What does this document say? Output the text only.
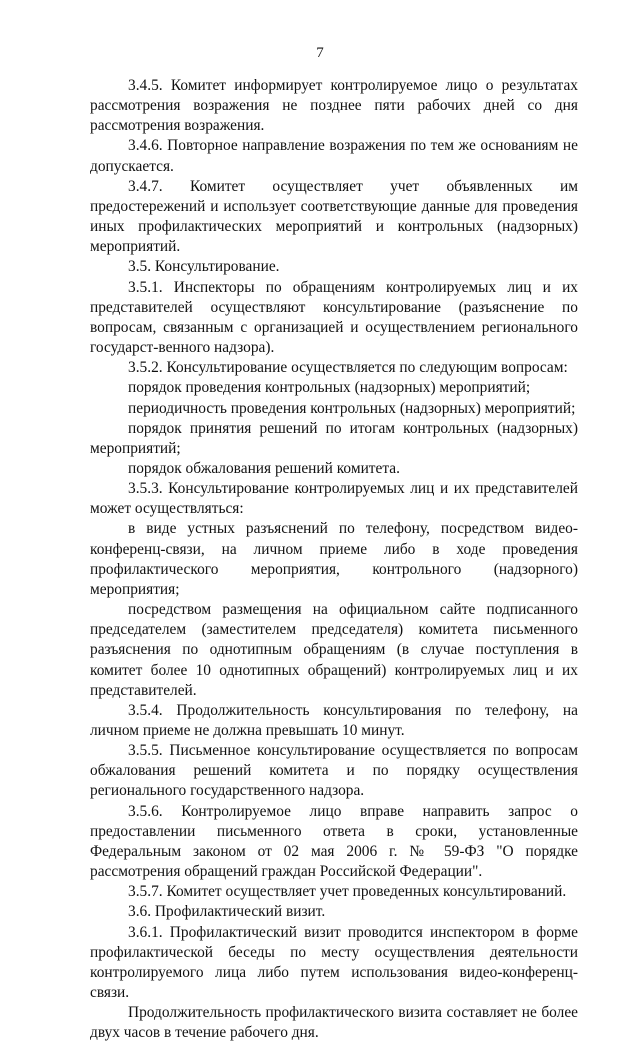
7

3.4.5. Комитет информирует контролируемое лицо о результатах рассмотрения возражения не позднее пяти рабочих дней со дня рассмотрения возражения.

3.4.6. Повторное направление возражения по тем же основаниям не допускается.

3.4.7. Комитет осуществляет учет объявленных им предостережений и использует соответствующие данные для проведения иных профилактических мероприятий и контрольных (надзорных) мероприятий.

3.5. Консультирование.

3.5.1. Инспекторы по обращениям контролируемых лиц и их представителей осуществляют консультирование (разъяснение по вопросам, связанным с организацией и осуществлением регионального государст-венного надзора).

3.5.2. Консультирование осуществляется по следующим вопросам:

порядок проведения контрольных (надзорных) мероприятий;

периодичность проведения контрольных (надзорных) мероприятий;

порядок принятия решений по итогам контрольных (надзорных) мероприятий;

порядок обжалования решений комитета.

3.5.3. Консультирование контролируемых лиц и их представителей может осуществляться:

в виде устных разъяснений по телефону, посредством видео-конференц-связи, на личном приеме либо в ходе проведения профилактического мероприятия, контрольного (надзорного) мероприятия;

посредством размещения на официальном сайте подписанного председателем (заместителем председателя) комитета письменного разъяснения по однотипным обращениям (в случае поступления в комитет более 10 однотипных обращений) контролируемых лиц и их представителей.

3.5.4. Продолжительность консультирования по телефону, на личном приеме не должна превышать 10 минут.

3.5.5. Письменное консультирование осуществляется по вопросам обжалования решений комитета и по порядку осуществления регионального государственного надзора.

3.5.6. Контролируемое лицо вправе направить запрос о предоставлении письменного ответа в сроки, установленные Федеральным законом от 02 мая 2006 г. № 59-ФЗ "О порядке рассмотрения обращений граждан Российской Федерации".

3.5.7. Комитет осуществляет учет проведенных консультирований.

3.6. Профилактический визит.

3.6.1. Профилактический визит проводится инспектором в форме профилактической беседы по месту осуществления деятельности контролируемого лица либо путем использования видео-конференц-связи.

Продолжительность профилактического визита составляет не более двух часов в течение рабочего дня.
